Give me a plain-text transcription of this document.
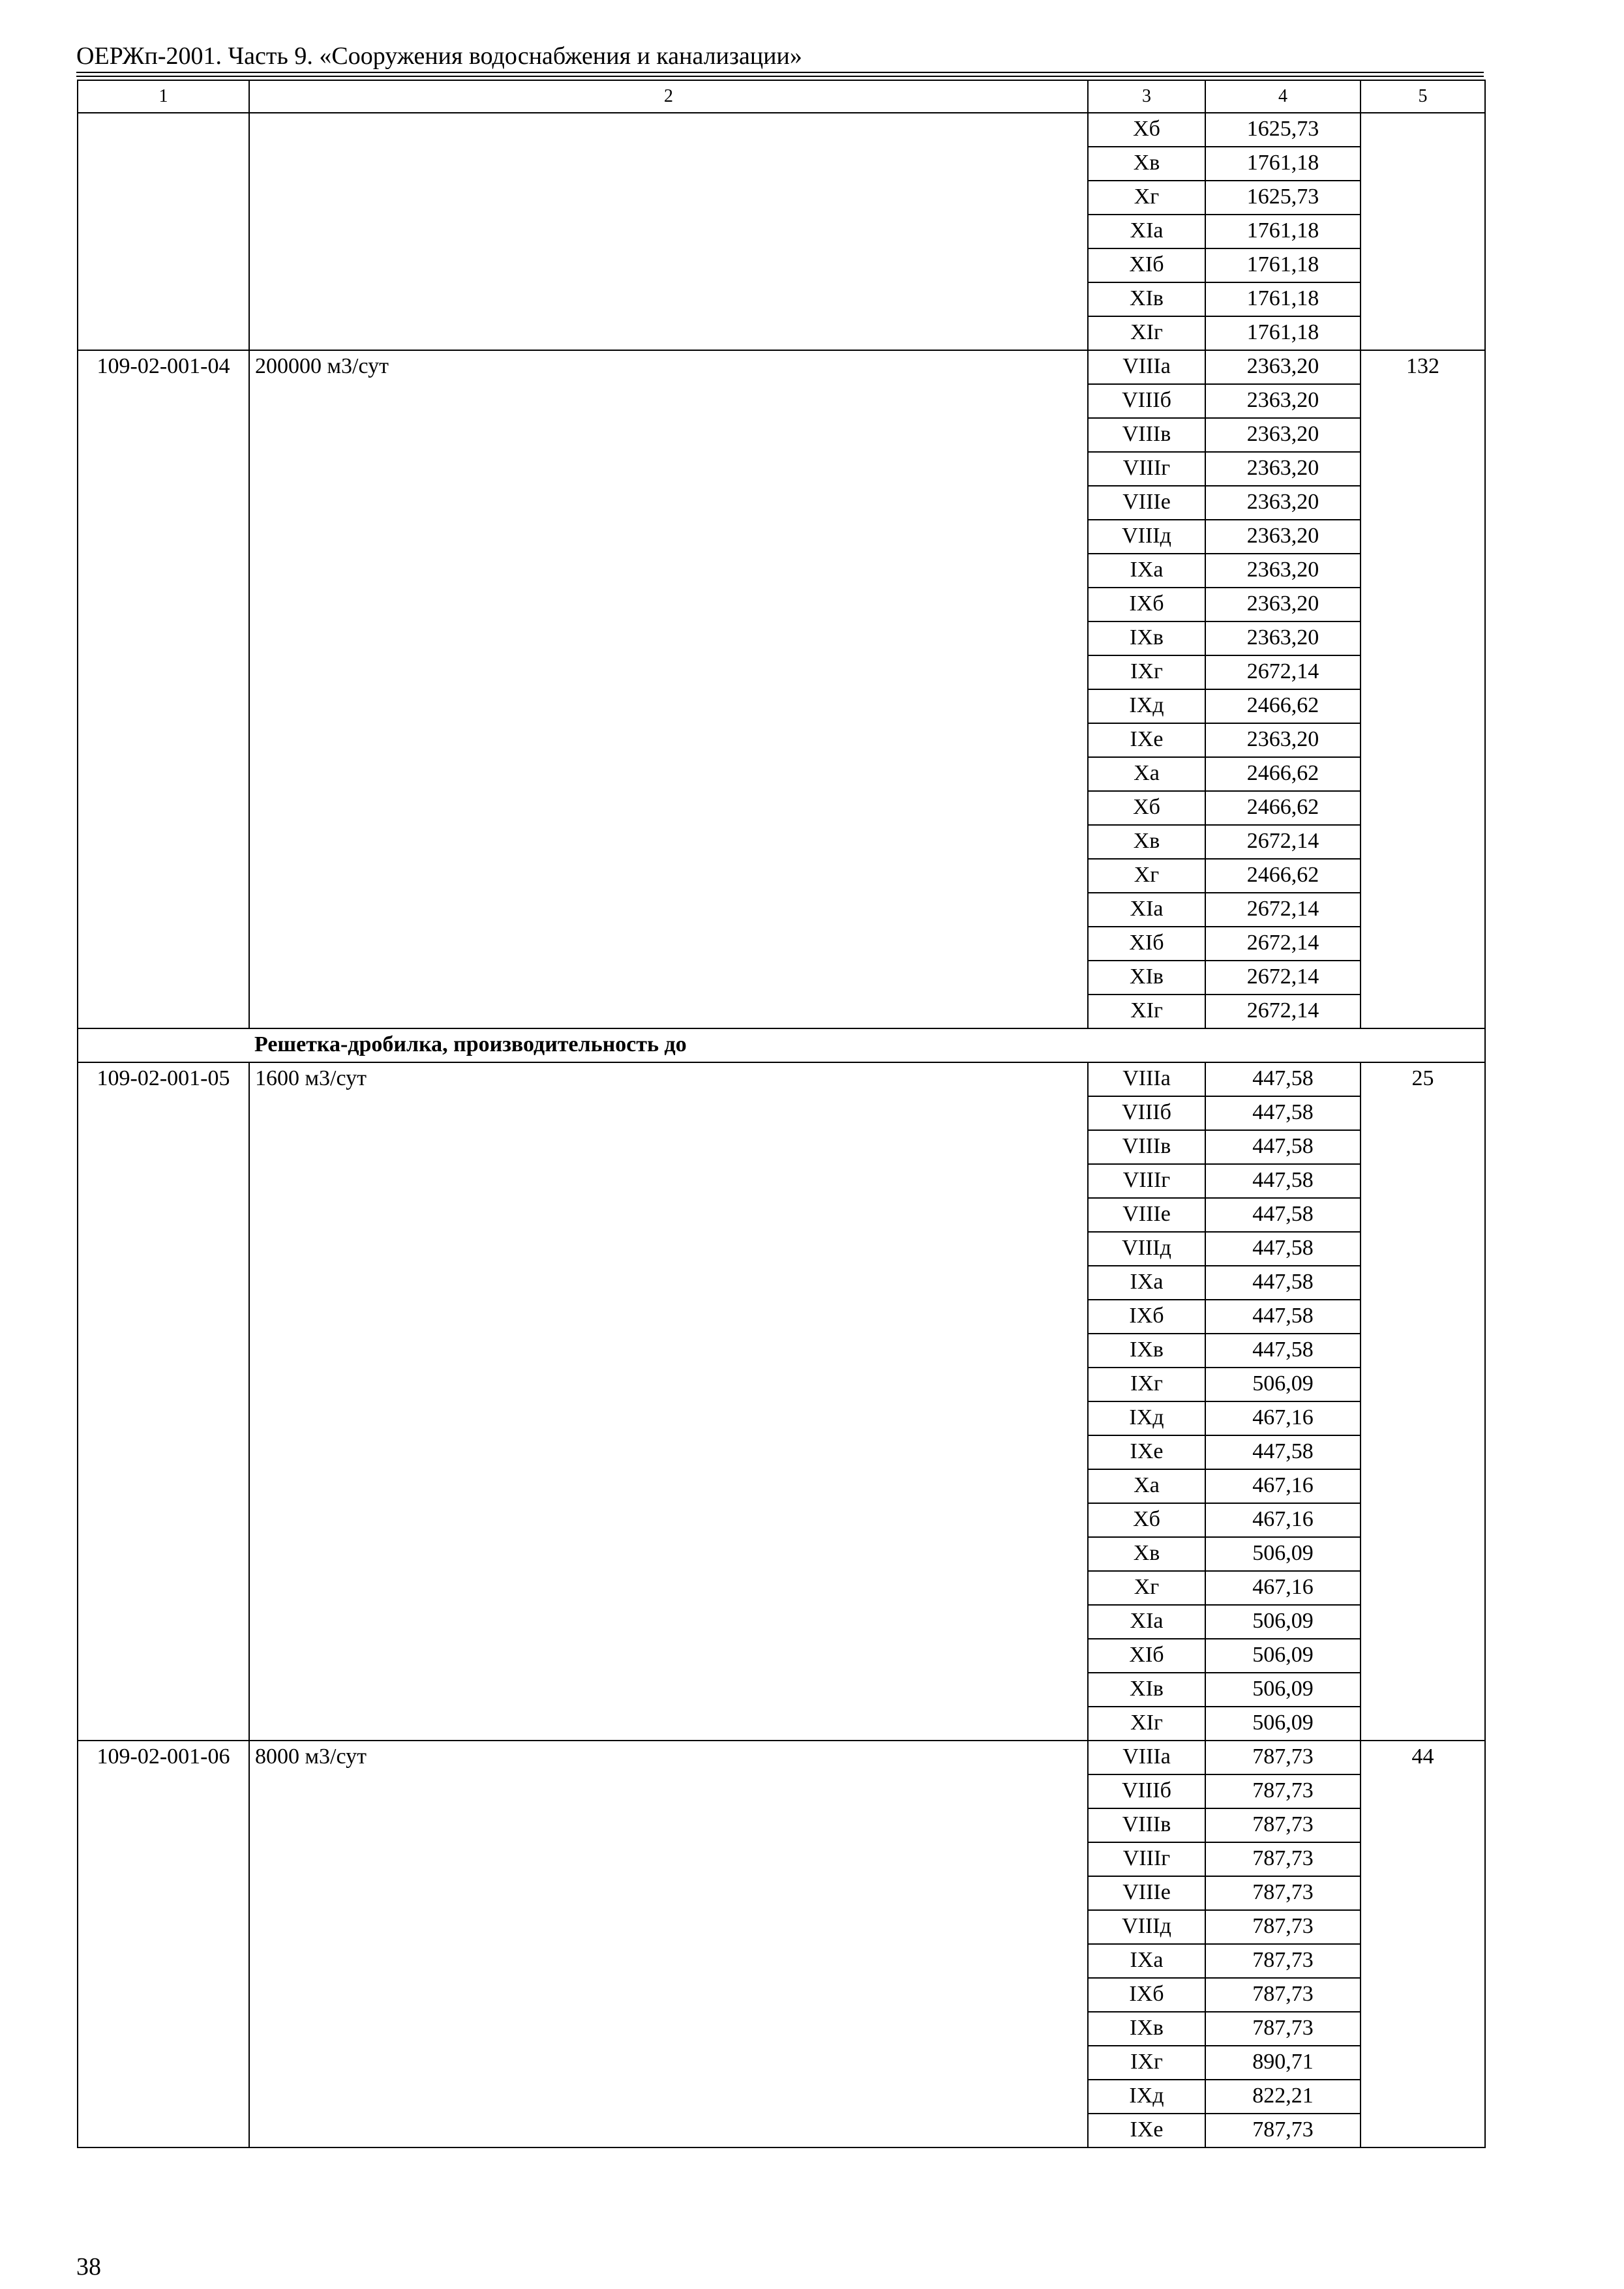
ОЕРЖп-2001. Часть 9. «Сооружения водоснабжения и канализации»
1	2	3	4	5
		Хб	1625,73	
		Хв	1761,18	
		Хг	1625,73	
		ХIа	1761,18	
		ХIб	1761,18	
		ХIв	1761,18	
		ХIг	1761,18	
109-02-001-04	200000 м3/сут	VIIIа	2363,20	132
		VIIIб	2363,20	
		VIIIв	2363,20	
		VIIIг	2363,20	
		VIIIе	2363,20	
		VIIIд	2363,20	
		IХа	2363,20	
		IХб	2363,20	
		IХв	2363,20	
		IХг	2672,14	
		IХд	2466,62	
		IХе	2363,20	
		Ха	2466,62	
		Хб	2466,62	
		Хв	2672,14	
		Хг	2466,62	
		ХIа	2672,14	
		ХIб	2672,14	
		ХIв	2672,14	
		ХIг	2672,14	
	Решетка-дробилка, производительность до			
109-02-001-05	1600 м3/сут	VIIIа	447,58	25
		VIIIб	447,58	
		VIIIв	447,58	
		VIIIг	447,58	
		VIIIе	447,58	
		VIIIд	447,58	
		IХа	447,58	
		IХб	447,58	
		IХв	447,58	
		IХг	506,09	
		IХд	467,16	
		IХе	447,58	
		Ха	467,16	
		Хб	467,16	
		Хв	506,09	
		Хг	467,16	
		ХIа	506,09	
		ХIб	506,09	
		ХIв	506,09	
		ХIг	506,09	
109-02-001-06	8000 м3/сут	VIIIа	787,73	44
		VIIIб	787,73	
		VIIIв	787,73	
		VIIIг	787,73	
		VIIIе	787,73	
		VIIIд	787,73	
		IХа	787,73	
		IХб	787,73	
		IХв	787,73	
		IХг	890,71	
		IХд	822,21	
		IХе	787,73	
38
